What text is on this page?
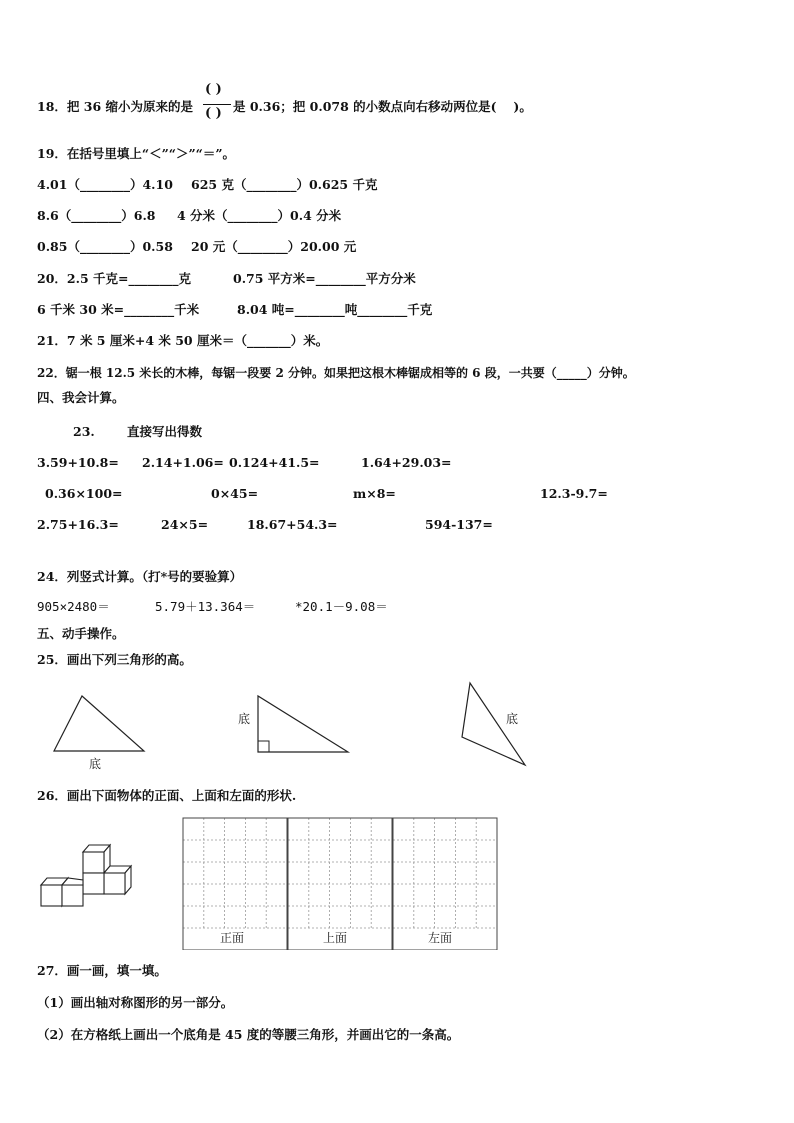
18．把 36 缩小为原来的是
( )
( ) 是 0.36；把 0.078 的小数点向右移动两位是(　 )。
19．在括号里填上“＜”“＞”“＝”。
4.01（________）4.10 625 克（________）0.625 千克
8.6（________）6.8 4 分米（________）0.4 分米
0.85（________）0.58 20 元（________）20.00 元
20．2.5 千克=________克	0.75 平方米=________平方分米
6 千米 30 米=________千米	8.04 吨=________吨________千克
21．7 米 5 厘米+4 米 50 厘米＝（_______）米。
22．锯一根 12.5 米长的木棒，每锯一段要 2 分钟。如果把这根木棒锯成相等的 6 段，一共要（_____）分钟。
四、我会计算。
23.	直接写出得数
3.59+10.8= 2.14+1.06= 0.124+41.5=	1.64+29.03=
0.36×100=	0×45=	m×8=	12.3-9.7=
2.75+16.3=	24×5=	18.67+54.3=	594-137=
24．列竖式计算。（打*号的要验算）
905×2480＝	5.79＋13.364＝	*20.1－9.08＝
五、动手操作。
25．画出下列三角形的高。
底
底	底
26．画出下面物体的正面、上面和左面的形状.
正面	上面	左面
27．画一画，填一填。
（1）画出轴对称图形的另一部分。
（2）在方格纸上画出一个底角是 45 度的等腰三角形，并画出它的一条高。
